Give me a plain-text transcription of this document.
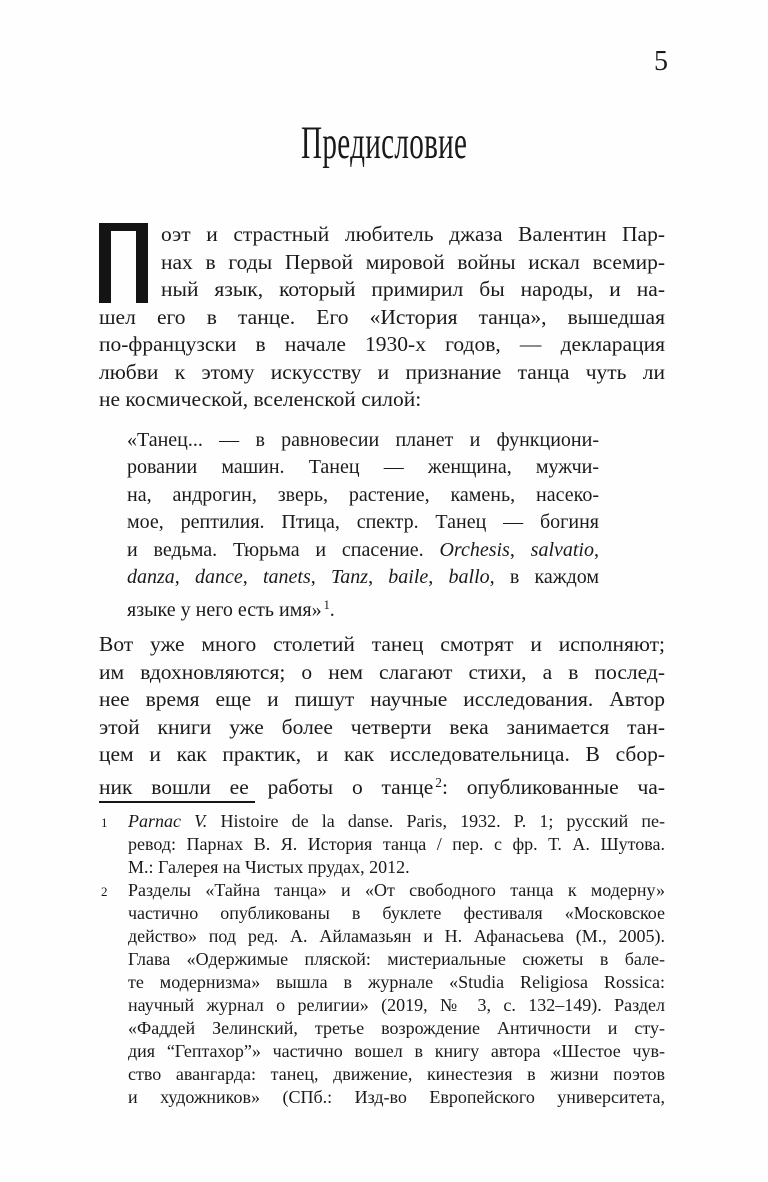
5
Предисловие
оэт и страстный любитель джаза Валентин Пар-
нах в годы Первой мировой войны искал всемир-
ный язык, который примирил бы народы, и на-
шел его в танце. Его «История танца», вышедшая
по-французски в начале 1930-х годов, — декларация
любви к этому искусству и признание танца чуть ли
не космической, вселенской силой:
«Танец... — в равновесии планет и функциони-
ровании машин. Танец — женщина, мужчи-
на, андрогин, зверь, растение, камень, насеко-
мое, рептилия. Птица, спектр. Танец — богиня
и ведьма. Тюрьма и спасение. Orchesis, salvatio,
danza, dance, tanets, Tanz, baile, ballo, в каждом
языке у него есть имя» $^1$.
Вот уже много столетий танец смотрят и исполняют;
им вдохновляются; о нем слагают стихи, а в послед-
нее время еще и пишут научные исследования. Автор
этой книги уже более четверти века занимается тан-
цем и как практик, и как исследовательница. В сбор-
ник вошли ее работы о танце $^2$: опубликованные ча-
1 Parnac V. Histoire de la danse. Paris, 1932. P. 1; русский пе-
ревод: Парнах В. Я. История танца / пер. с фр. Т. А. Шутова.
М.: Галерея на Чистых прудах, 2012.
2 Разделы «Тайна танца» и «От свободного танца к модерну»
частично опубликованы в буклете фестиваля «Московское
действо» под ред. А. Айламазьян и Н. Афанасьева (М., 2005).
Глава «Одержимые пляской: мистериальные сюжеты в бале-
те модернизма» вышла в журнале «Studia Religiosa Rossica:
научный журнал о религии» (2019, № 3, с. 132–149). Раздел
«Фаддей Зелинский, третье возрождение Античности и сту-
дия “Гептахор”» частично вошел в книгу автора «Шестое чув-
ство авангарда: танец, движение, кинестезия в жизни поэтов
и художников» (СПб.: Изд-во Европейского университета,
